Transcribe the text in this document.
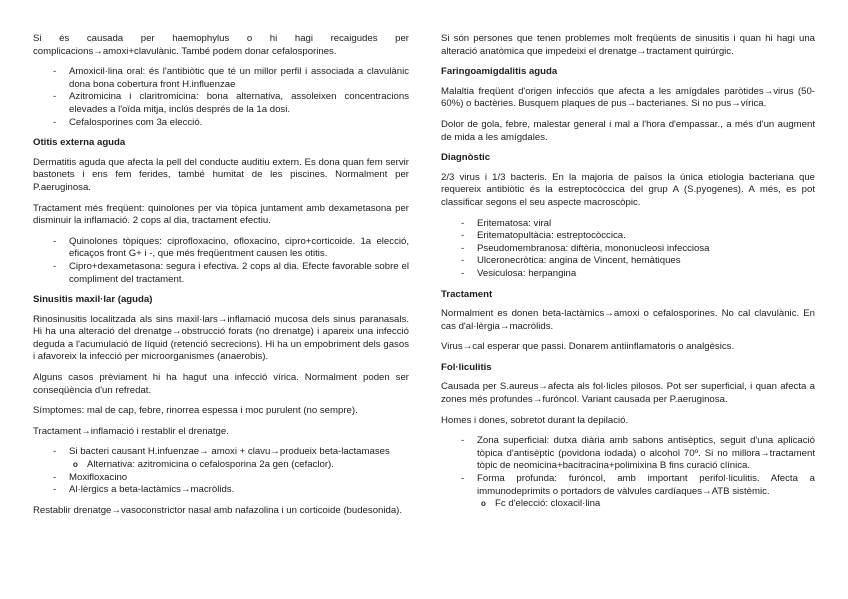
Si és causada per haemophylus o hi hagi recaigudes per complicacions→amoxi+clavulànic. També podem donar cefalosporines.

- Amoxicil·lina oral: és l'antibiòtic que té un millor perfil i associada a clavulànic dona bona cobertura front H.influenzae
- Azitromicina i claritromicina: bona alternativa, assoleixen concentracions elevades a l'oïda mitja, inclús després de la 1a dosi.
- Cefalosporines com 3a elecció.
Otitis externa aguda

Dermatitis aguda que afecta la pell del conducte auditiu extern. Es dona quan fem servir bastonets i ens fem ferides, també humitat de les piscines. Normalment per P.aeruginosa.

Tractament més freqüent: quinolones per via tòpica juntament amb dexametasona per disminuir la inflamació. 2 cops al dia, tractament efectiu.

- Quinolones tòpiques: ciprofloxacino, ofloxacino, cipro+corticoide. 1a elecció, eficaços front G+ i -, que més freqüentment causen les otitis.
- Cipro+dexametasona: segura i efectiva. 2 cops al dia. Efecte favorable sobre el compliment del tractament.
Sinusitis maxil·lar (aguda)

Rinosinusitis localitzada als sins maxil·lars→inflamació mucosa dels sinus paranasals. Hi ha una alteració del drenatge→obstrucció forats (no drenatge) i apareix una infecció deguda a l'acumulació de líquid (retenció secrecions). Hi ha un empobriment dels gasos i afavoreix la infecció per microorganismes (anaerobis).

Alguns casos prèviament hi ha hagut una infecció vírica. Normalment poden ser conseqüència d'un refredat.

Símptomes: mal de cap, febre, rinorrea espessa i moc purulent (no sempre).

Tractament→inflamació i restablir el drenatge.

- Si bacteri causant H.infuenzae→ amoxi + clavu→produeix beta-lactamases
o Alternativa: azitromicina o cefalosporina 2a gen (cefaclor).
- Moxifloxacino
- Al·lèrgics a beta-lactàmics→macròlids.

Restablir drenatge→vasoconstrictor nasal amb nafazolina i un corticoide (budesonida).

Si són persones que tenen problemes molt freqüents de sinusitis i quan hi hagi una alteració anatòmica que impedeixi el drenatge→tractament quirúrgic.

Faringoamigdalitis aguda

Malaltia freqüent d'origen infecciós que afecta a les amígdales paròtides→virus (50-60%) o bactèries. Busquem plaques de pus→bacterianes. Si no pus→vírica.

Dolor de gola, febre, malestar general i mal a l'hora d'empassar., a més d'un augment de mida a les amígdales.

Diagnòstic

2/3 virus i 1/3 bacteris. En la majoria de països la única etiologia bacteriana que requereix antibiòtic és la estreptocòccica del grup A (S.pyogenes). A més, es pot classificar segons el seu aspecte macroscòpic.

- Eritematosa: viral
- Eritematopultàcia: estreptocòccica.
- Pseudomembranosa: diftèria, mononucleosi infecciosa
- Ulceronecròtica: angina de Vincent, hemàtiques
- Vesiculosa: herpangina
Tractament

Normalment es donen beta-lactàmics→amoxi o cefalosporines. No cal clavulànic. En cas d'al·lèrgia→macròlids.

Virus→cal esperar que passi. Donarem antiinflamatoris o analgèsics.

Fol·liculitis

Causada per S.aureus→afecta als fol·licles pilosos. Pot ser superficial, i quan afecta a zones més profundes→furóncol. Variant causada per P.aeruginosa.

Homes i dones, sobretot durant la depilació.

- Zona superficial: dutxa diària amb sabons antisèptics, seguit d'una aplicació tòpica d'antisèptic (povidona iodada) o alcohol 70º. Si no millora→tractament tòpic de neomicina+bacitracina+polimixina B fins curació clínica.
- Forma profunda: furóncol, amb important perifol·liculitis. Afecta a immunodeprimits o portadors de vàlvules cardíaques→ATB sistèmic.
o Fc d'elecció: cloxacil·lina
